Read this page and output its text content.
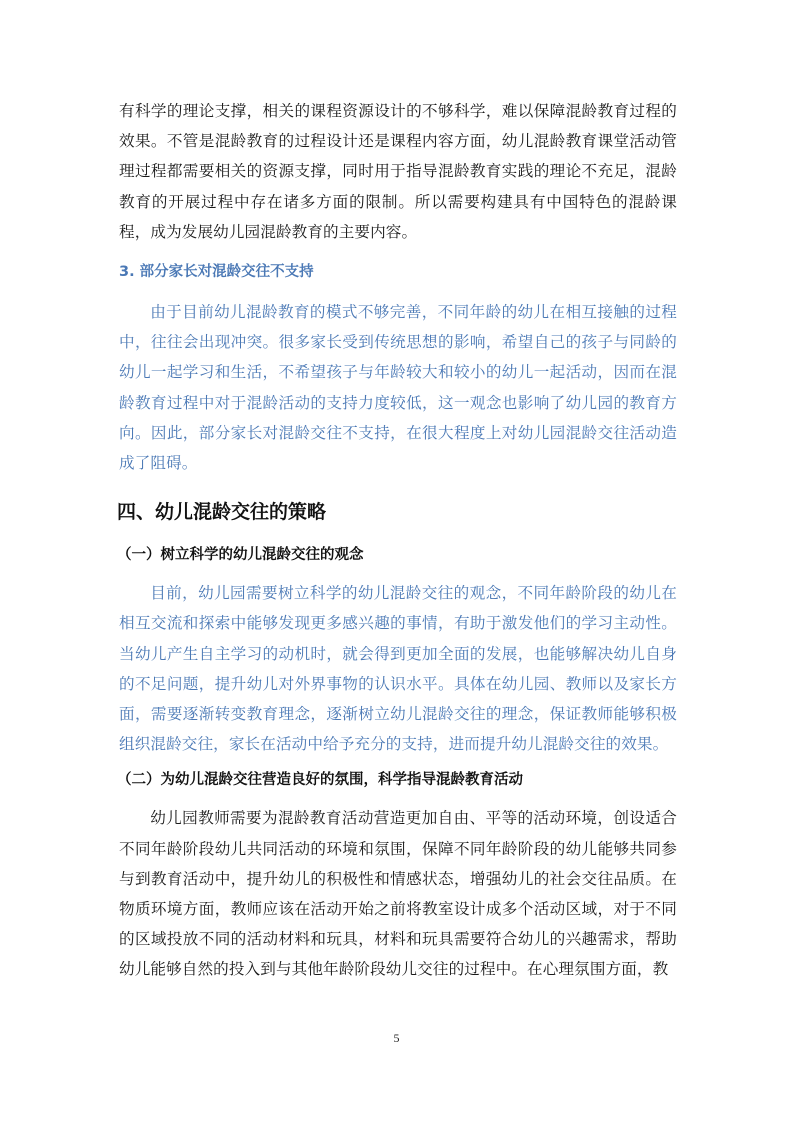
有科学的理论支撑，相关的课程资源设计的不够科学，难以保障混龄教育过程的效果。不管是混龄教育的过程设计还是课程内容方面，幼儿混龄教育课堂活动管理过程都需要相关的资源支撑，同时用于指导混龄教育实践的理论不充足，混龄教育的开展过程中存在诸多方面的限制。所以需要构建具有中国特色的混龄课程，成为发展幼儿园混龄教育的主要内容。

3. 部分家长对混龄交往不支持

由于目前幼儿混龄教育的模式不够完善，不同年龄的幼儿在相互接触的过程中，往往会出现冲突。很多家长受到传统思想的影响，希望自己的孩子与同龄的幼儿一起学习和生活，不希望孩子与年龄较大和较小的幼儿一起活动，因而在混龄教育过程中对于混龄活动的支持力度较低，这一观念也影响了幼儿园的教育方向。因此，部分家长对混龄交往不支持，在很大程度上对幼儿园混龄交往活动造成了阻碍。

四、幼儿混龄交往的策略
（一）树立科学的幼儿混龄交往的观念

目前，幼儿园需要树立科学的幼儿混龄交往的观念，不同年龄阶段的幼儿在相互交流和探索中能够发现更多感兴趣的事情，有助于激发他们的学习主动性。当幼儿产生自主学习的动机时，就会得到更加全面的发展，也能够解决幼儿自身的不足问题，提升幼儿对外界事物的认识水平。具体在幼儿园、教师以及家长方面，需要逐渐转变教育理念，逐渐树立幼儿混龄交往的理念，保证教师能够积极组织混龄交往，家长在活动中给予充分的支持，进而提升幼儿混龄交往的效果。

（二）为幼儿混龄交往营造良好的氛围，科学指导混龄教育活动

幼儿园教师需要为混龄教育活动营造更加自由、平等的活动环境，创设适合不同年龄阶段幼儿共同活动的环境和氛围，保障不同年龄阶段的幼儿能够共同参与到教育活动中，提升幼儿的积极性和情感状态，增强幼儿的社会交往品质。在物质环境方面，教师应该在活动开始之前将教室设计成多个活动区域，对于不同的区域投放不同的活动材料和玩具，材料和玩具需要符合幼儿的兴趣需求，帮助幼儿能够自然的投入到与其他年龄阶段幼儿交往的过程中。在心理氛围方面，教

5
